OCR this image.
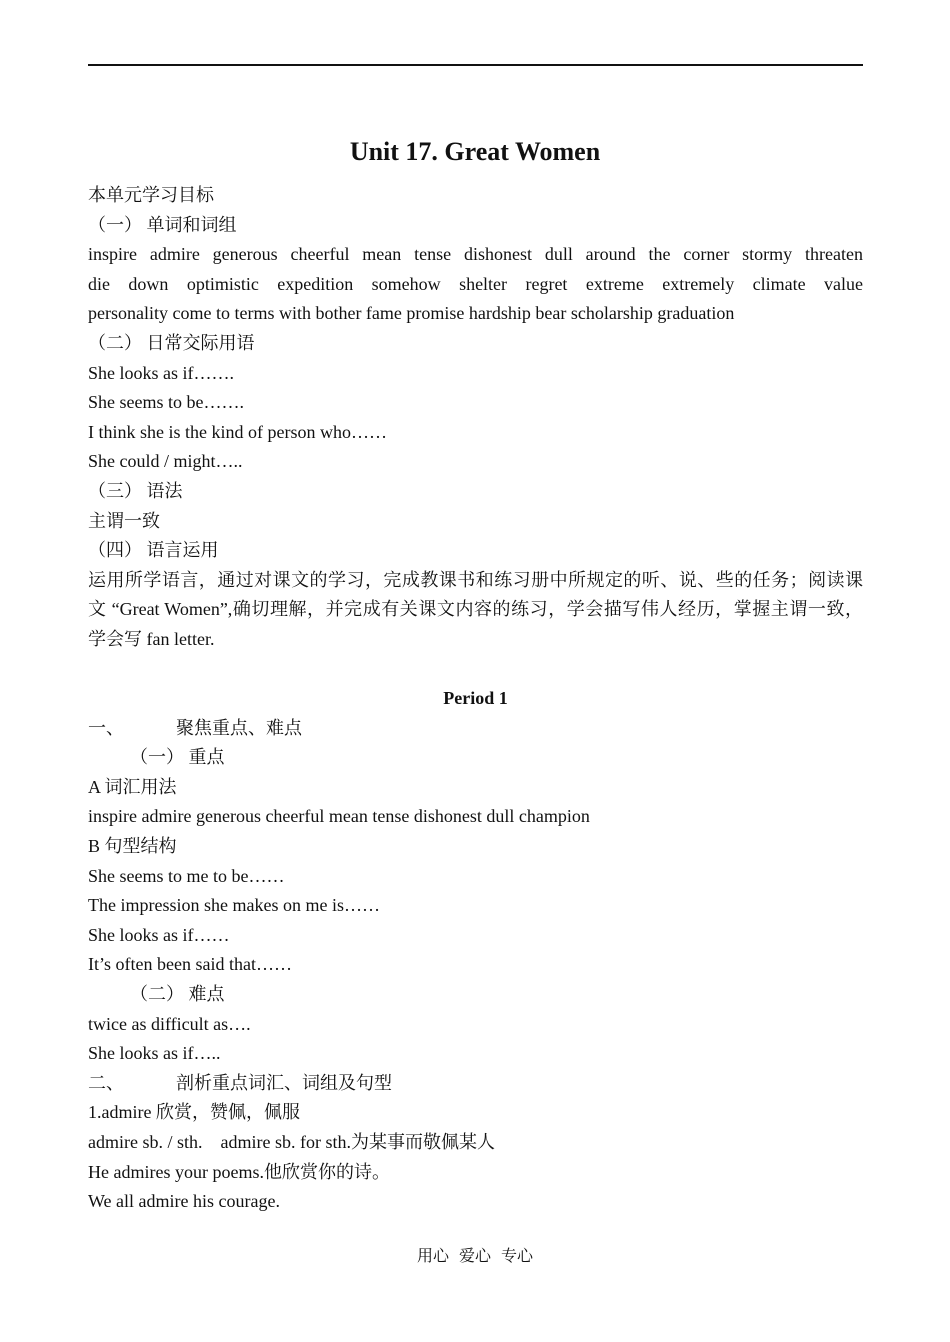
Unit 17. Great Women
本单元学习目标
（一） 单词和词组
inspire admire generous cheerful mean tense dishonest dull around the corner stormy threaten
die down optimistic expedition somehow shelter regret extreme extremely climate value
personality come to terms with bother fame promise hardship bear scholarship graduation
（二） 日常交际用语
She looks as if…….
She seems to be…….
I think she is the kind of person who……
She could / might…..
（三） 语法
主谓一致
（四） 语言运用
运用所学语言，通过对课文的学习，完成教课书和练习册中所规定的听、说、些的任务；阅读课
文 “Great Women”,确切理解，并完成有关课文内容的练习，学会描写伟人经历，掌握主谓一致，
学会写 fan letter.
Period 1
一、	聚焦重点、难点
（一） 重点
A 词汇用法
inspire admire generous cheerful mean tense dishonest dull champion
B 句型结构
She seems to me to be……
The impression she makes on me is……
She looks as if……
It’s often been said that……
（二） 难点
twice as difficult as….
She looks as if…..
二、	剖析重点词汇、词组及句型
1.admire 欣赏，赞佩，佩服
admire sb. / sth.    admire sb. for sth.为某事而敬佩某人
He admires your poems.他欣赏你的诗。
We all admire his courage.
用心 爱心 专心
